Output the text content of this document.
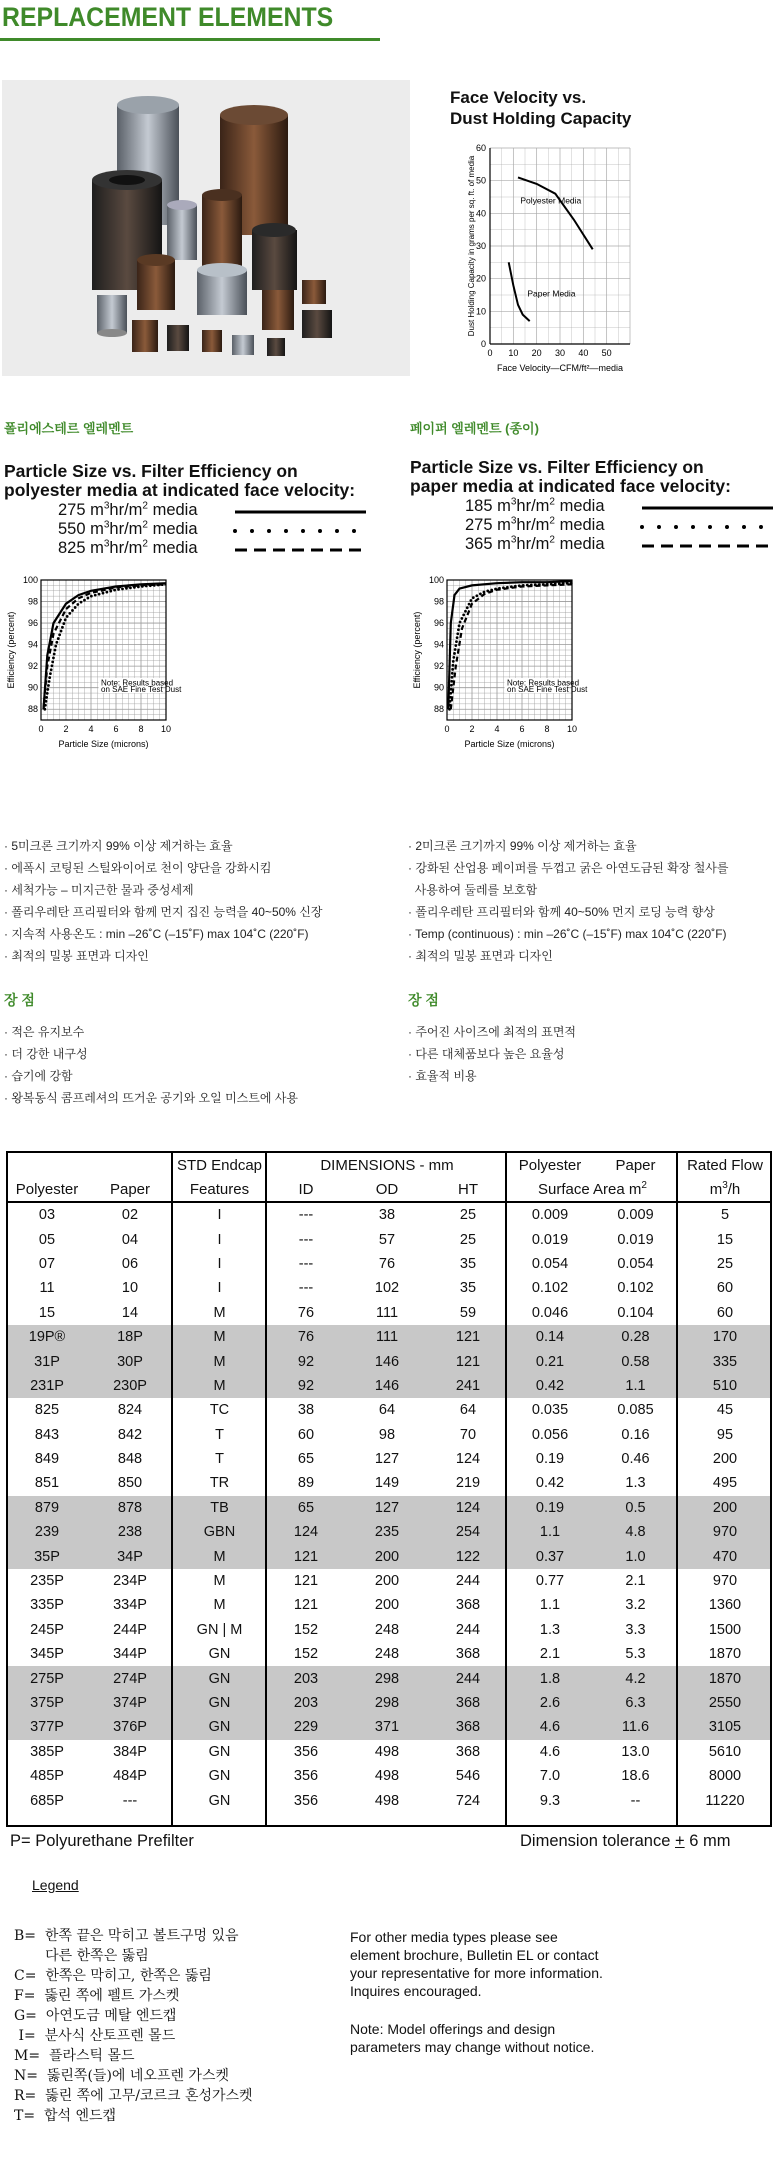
REPLACEMENT ELEMENTS
Face Velocity vs.
Dust Holding Capacity
0 10 20 30 40 50
0
10
20
30
40
50
60
Face Velocity—CFM/ft²—media
Dust Holding Capacity in grams per sq. ft. of media	Polyester Media
Paper Media
폴리에스테르 엘레멘트
Particle Size vs. Filter Efficiency on
polyester media at indicated face velocity:
275 $m^3hr/m^2$ media
550 $m^3hr/m^2$ media
825 $m^3hr/m^2$ media
0 2 4 6 8 10
88
90
92
94
96
98
100
Particle Size (microns)
Efficiency (percent)	Note: Results based
on SAE Fine Test Dust
· 5미크론 크기까지 99% 이상 제거하는 효율
· 에폭시 코팅된 스틸와이어로 천이 양단을 강화시킴
· 세척가능 – 미지근한 물과 중성세제
· 폴리우레탄 프리필터와 함께 먼지 집진 능력을 40~50% 신장
· 지속적 사용온도 : min –26˚C (–15˚F) max 104˚C (220˚F)
· 최적의 밀봉 표면과 디자인
장 점
· 적은 유지보수
· 더 강한 내구성
· 습기에 강함
· 왕복동식 콤프레셔의 뜨거운 공기와 오일 미스트에 사용
페이퍼 엘레멘트 (종이)
Particle Size vs. Filter Efficiency on
paper media at indicated face velocity:
185 $m^3hr/m^2$ media
275 $m^3hr/m^2$ media
365 $m^3hr/m^2$ media
0 2 4 6 8 10
88
90
92
94
96
98
100
Particle Size (microns)
Efficiency (percent)	Note: Results based
on SAE Fine Test Dust
· 2미크론 크기까지 99% 이상 제거하는 효율
· 강화된 산업용 페이퍼를 두껍고 굵은 아연도금된 확장 철사를
사용하여 둘레를 보호함
· 폴리우레탄 프리필터와 함께 40~50% 먼지 로딩 능력 향상
· Temp (continuous) : min –26˚C (–15˚F) max 104˚C (220˚F)
· 최적의 밀봉 표면과 디자인
장 점
· 주어진 사이즈에 최적의 표면적
· 다른 대체품보다 높은 요율성
· 효율적 비용
		STD Endcap	DIMENSIONS - mm			Polyester	Paper	Rated Flow
Polyester	Paper	Features	ID	OD	HT	Surface Area $m^2$		$m^3/h$
03	02	I	---	38	25	0.009	0.009	5
05	04	I	---	57	25	0.019	0.019	15
07	06	I	---	76	35	0.054	0.054	25
11	10	I	---	102	35	0.102	0.102	60
15	14	M	76	111	59	0.046	0.104	60
19P®	18P	M	76	111	121	0.14	0.28	170
31P	30P	M	92	146	121	0.21	0.58	335
231P	230P	M	92	146	241	0.42	1.1	510
825	824	TC	38	64	64	0.035	0.085	45
843	842	T	60	98	70	0.056	0.16	95
849	848	T	65	127	124	0.19	0.46	200
851	850	TR	89	149	219	0.42	1.3	495
879	878	TB	65	127	124	0.19	0.5	200
239	238	GBN	124	235	254	1.1	4.8	970
35P	34P	M	121	200	122	0.37	1.0	470
235P	234P	M	121	200	244	0.77	2.1	970
335P	334P	M	121	200	368	1.1	3.2	1360
245P	244P	GN | M	152	248	244	1.3	3.3	1500
345P	344P	GN	152	248	368	2.1	5.3	1870
275P	274P	GN	203	298	244	1.8	4.2	1870
375P	374P	GN	203	298	368	2.6	6.3	2550
377P	376P	GN	229	371	368	4.6	11.6	3105
385P	384P	GN	356	498	368	4.6	13.0	5610
485P	484P	GN	356	498	546	7.0	18.6	8000
685P	---	GN	356	498	724	9.3	--	11220
P= Polyurethane Prefilter	Dimension tolerance + 6 mm
Legend
B=  한쪽 끝은 막히고 볼트구멍 있음
다른 한쪽은 뚫림
C=  한쪽은 막히고, 한쪽은 뚫림
F=  뚫린 쪽에 펠트 가스켓
G=  아연도금 메탈 엔드캡
I=  분사식 산토프렌 몰드
M=  플라스틱 몰드
N=  뚫린쪽(들)에 네오프렌 가스켓
R=  뚫린 쪽에 고무/코르크 혼성가스켓
T=  합석 엔드캡
For other media types please see
element brochure, Bulletin EL or contact
your representative for more information.
Inquires encouraged.
Note: Model offerings and design
parameters may change without notice.
